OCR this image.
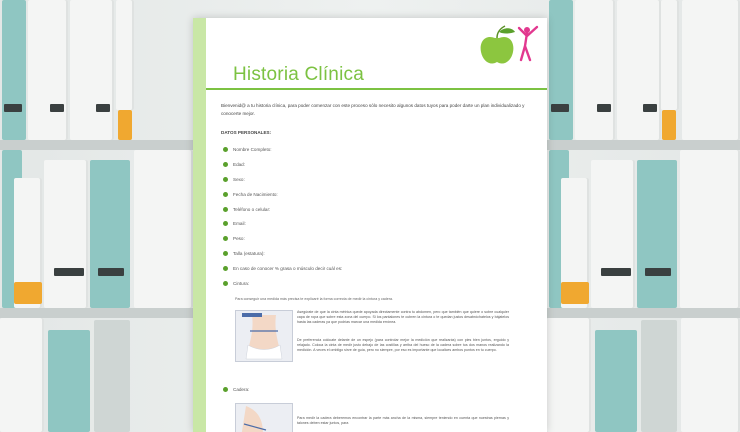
Historia Clínica
Bienvenid@ a tu historia clínica, para poder comenzar con este proceso sólo necesito algunos datos tuyos para poder darte un plan individualizado y conocerte mejor.
DATOS PERSONALES:
Nombre Completo:
Edad:
Sexo:
Fecha de Nacimiento:
Teléfono o celular:
Email:
Peso:
Talla (estatura):
En caso de conocer % grasa o músculo decir cuál es:
Cintura:
Cadera:
Para conseguir una medida más precisa te explicaré la forma correcta de medir la cintura y cadera.
Asegúrate de que la cinta métrica quede apoyada directamente contra tu abdomen, pero que también que quiere o sobre cualquier capa de ropa que sobre esta zona del cuerpo. Si los pantalones te cubren la cintura o te quedan justos desabróchatelos y bájatelos hasta las caderas ya que podrías marcar una medida errónea.
De preferencia colócate delante de un espejo (para controlar mejor la medición que realizarás) con pies bien juntos, erguido y relajado. Coloca la cinta de medir justo debajo de las costillas y arriba del hueso de la cadera sobre tus dos manos realizando la medición. A veces el ombligo sirve de guía, pero no siempre, por eso es importante que localices ambos puntos en tu cuerpo.
Para medir la cadera deberemos encontrar la parte más ancha de la misma, siempre teniendo en cuenta que nuestras piernas y talones deben estar juntos, para
